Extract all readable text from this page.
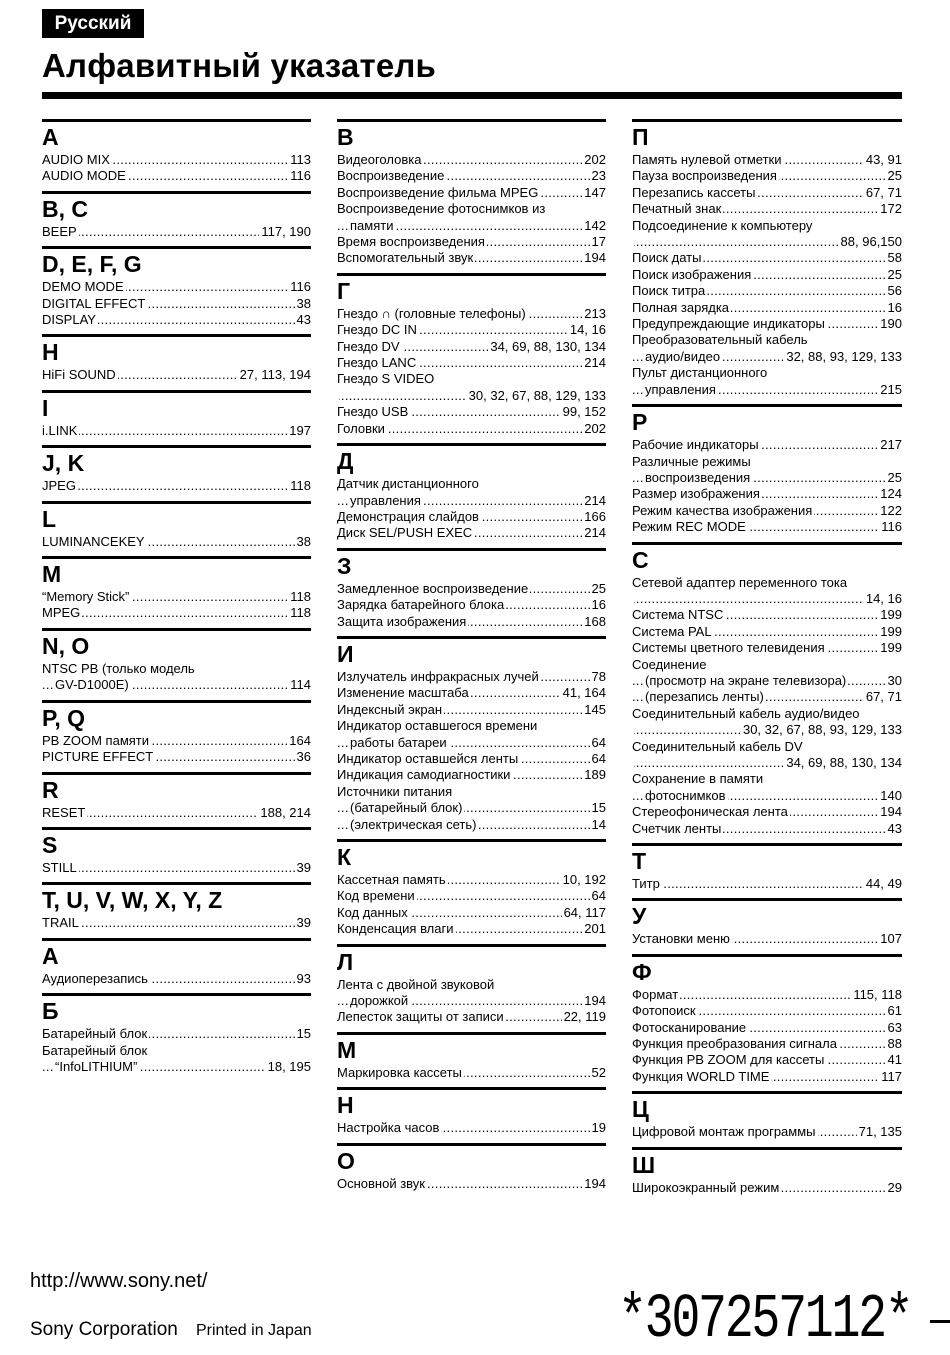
Русский
Алфавитный указатель
A
..... AUDIO MIX	113
..... AUDIO MODE	116
B, C
..... BEEP	117, 190
D, E, F, G
..... DEMO MODE	116
..... DIGITAL EFFECT	38
..... DISPLAY	43
H
..... HiFi SOUND	27, 113, 194
I
..... i.LINK	197
J, K
..... JPEG	118
L
..... LUMINANCEKEY	38
M
..... “Memory Stick”	118
..... MPEG	118
N, O
NTSC PB (только модель
..... GV-D1000E)	114
P, Q
..... PB ZOOM памяти	164
..... PICTURE EFFECT	36
R
..... RESET	188, 214
S
..... STILL	39
T, U, V, W, X, Y, Z
..... TRAIL	39
А
..... Аудиоперезапись	93
Б
..... Батарейный блок	15
Батарейный блок
..... “InfoLITHIUM”	18, 195
В
..... Видеоголовка	202
..... Воспроизведение	23
..... Воспроизведение фильма MPEG	147
Воспроизведение фотоснимков из
..... памяти	142
..... Время воспроизведения	17
..... Вспомогательный звук	194
Г
..... Гнездо ∩ (головные телефоны)	213
..... Гнездо DC IN	14, 16
..... Гнездо DV	34, 69, 88, 130, 134
..... Гнездо LANC	214
Гнездо S VIDEO
..... 30, 32, 67, 88, 129, 133
..... Гнездо USB	99, 152
..... Головки	202
Д
Датчик дистанционного
..... управления	214
..... Демонстрация слайдов	166
..... Диск SEL/PUSH EXEC	214
З
..... Замедленное воспроизведение	25
..... Зарядка батарейного блока	16
..... Защита изображения	168
И
..... Излучатель инфракрасных лучей	78
..... Изменение масштаба	41, 164
..... Индексный экран	145
Индикатор оставшегося времени
..... работы батареи	64
..... Индикатор оставшейся ленты	64
..... Индикация самодиагностики	189
Источники питания
..... (батарейный блок)	15
..... (электрическая сеть)	14
К
..... Кассетная память	10, 192
..... Код времени	64
..... Код данных	64, 117
..... Конденсация влаги	201
Л
Лента с двойной звуковой
..... дорожкой	194
..... Лепесток защиты от записи	22, 119
М
..... Маркировка кассеты	52
Н
..... Настройка часов	19
О
..... Основной звук	194
П
..... Память нулевой отметки	43, 91
..... Пауза воспроизведения	25
..... Перезапись кассеты	67, 71
..... Печатный знак	172
Подсоединение к компьютеру
..... 88, 96,150
..... Поиск даты	58
..... Поиск изображения	25
..... Поиск титра	56
..... Полная зарядка	16
..... Предупреждающие индикаторы	190
Преобразовательный кабель
..... аудио/видео	32, 88, 93, 129, 133
Пульт дистанционного
..... управления	215
Р
..... Рабочие индикаторы	217
Различные режимы
..... воспроизведения	25
..... Размер изображения	124
..... Режим качества изображения	122
..... Режим REC MODE	116
С
Сетевой адаптер переменного тока
..... 14, 16
..... Система NTSC	199
..... Система PAL	199
..... Системы цветного телевидения	199
Соединение
..... (просмотр на экране телевизора)	30
..... (перезапись ленты)	67, 71
Соединительный кабель аудио/видео
..... 30, 32, 67, 88, 93, 129, 133
Соединительный кабель DV
..... 34, 69, 88, 130, 134
Сохранение в памяти
..... фотоснимков	140
..... Стереофоническая лента	194
..... Счетчик ленты	43
Т
..... Титр	44, 49
У
..... Установки меню	107
Ф
..... Формат	115, 118
..... Фотопоиск	61
..... Фотосканирование	63
..... Функция преобразования сигнала	88
..... Функция PB ZOOM для кассеты	41
..... Функция WORLD TIME	117
Ц
..... Цифровой монтаж программы	71, 135
Ш
..... Широкоэкранный режим	29
http://www.sony.net/
Sony Corporation Printed in Japan	*307257112*
